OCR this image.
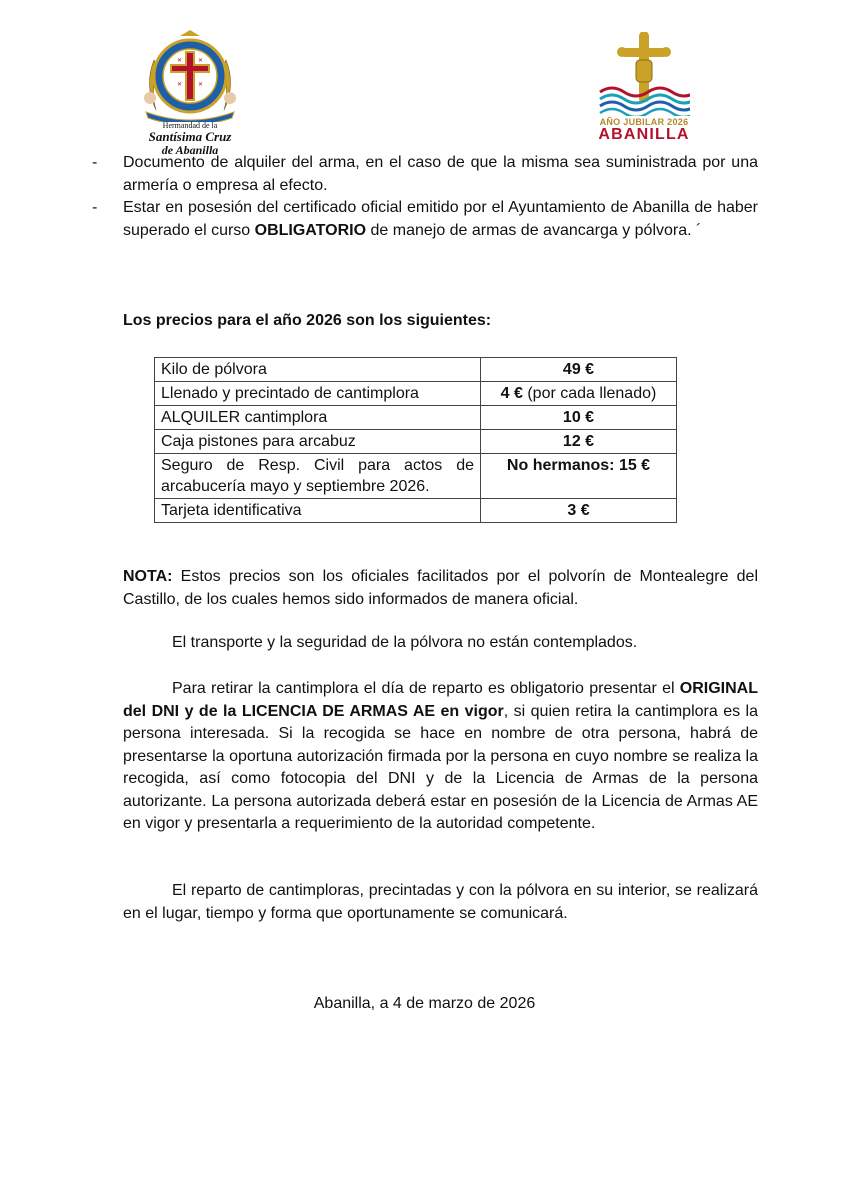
✕	✕
✕	✕
Hermandad de la
Santísima Cruz
de Abanilla
AÑO JUBILAR 2026
ABANILLA
-	Documento de alquiler del arma, en el caso de que la misma sea suministrada por una armería o empresa al efecto.
-	Estar en posesión del certificado oficial emitido por el Ayuntamiento de Abanilla de haber superado el curso OBLIGATORIO de manejo de armas de avancarga y pólvora. ´
Los precios para el año 2026 son los siguientes:
Kilo de pólvora	49 €
Llenado y precintado de cantimplora	4 € (por cada llenado)
ALQUILER cantimplora	10 €
Caja pistones para arcabuz	12 €
Seguro de Resp. Civil para actos de arcabucería mayo y septiembre 2026.	No hermanos: 15 €
Tarjeta identificativa	3 €
NOTA: Estos precios son los oficiales facilitados por el polvorín de Montealegre del Castillo, de los cuales hemos sido informados de manera oficial.
El transporte y la seguridad de la pólvora no están contemplados.
Para retirar la cantimplora el día de reparto es obligatorio presentar el ORIGINAL del DNI y de la LICENCIA DE ARMAS AE en vigor, si quien retira la cantimplora es la persona interesada. Si la recogida se hace en nombre de otra persona, habrá de presentarse la oportuna autorización firmada por la persona en cuyo nombre se realiza la recogida, así como fotocopia del DNI y de la Licencia de Armas de la persona autorizante. La persona autorizada deberá estar en posesión de la Licencia de Armas AE en vigor y presentarla a requerimiento de la autoridad competente.
El reparto de cantimploras, precintadas y con la pólvora en su interior, se realizará en el lugar, tiempo y forma que oportunamente se comunicará.
Abanilla, a 4 de marzo de 2026
